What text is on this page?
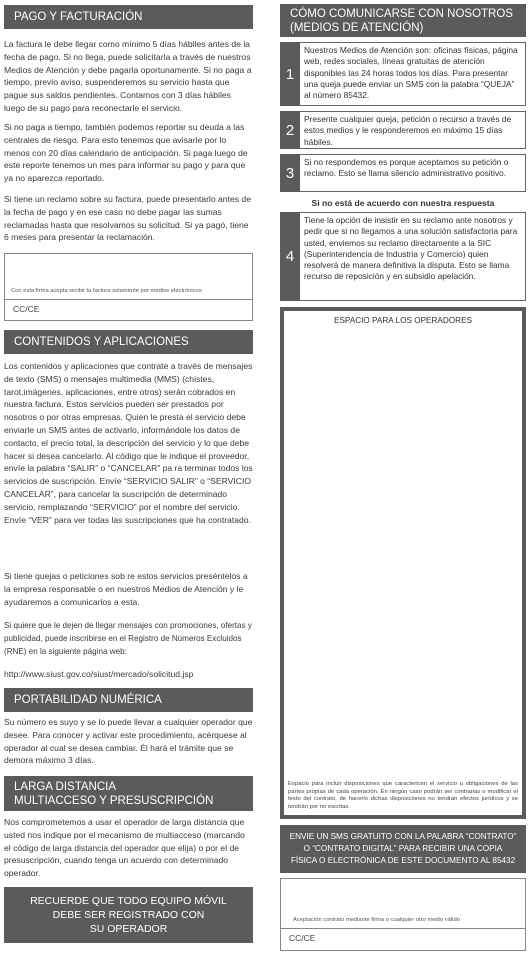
PAGO Y FACTURACIÓN
La factura le debe llegar como mínimo 5 días hábiles antes de la fecha de pago. Si no llega, puede solicitarla a través de nuestros Medios de Atención y debe pagarla oportunamente. Si no paga a tiempo, previo aviso, suspenderemos su servicio hasta que pague sus saldos pendientes. Contamos con 3 días hábiles luego de su pago para reconectarle el servicio.
Si no paga a tiempo, también podemos reportar su deuda a las centrales de riesgo. Para esto tenemos que avisarle por lo menos con 20 días calendario de anticipación. Si paga luego de este reporte tenemos un mes para informar su pago y para que ya no aparezca reportado.
Si tiene un reclamo sobre su factura, puede presentarlo antes de la fecha de pago y en ese caso no debe pagar las sumas reclamadas hasta que resolvamos su solicitud. Si ya pagó, tiene 6 meses para presentar la reclamación.
Con esta firma acepta recibir la factura solamente por medios electrónicos
CC/CE
CONTENIDOS Y APLICACIONES
Los contenidos y aplicaciones que contrate a través de mensajes de texto (SMS) o mensajes multimedia (MMS) (chistes, tarot,imágenes, aplicaciones, entre otros) serán cobrados en nuestra factura. Estos servicios pueden ser prestados por nosotros o por otras empresas. Quien le presta el servicio debe enviarle un SMS antes de activarlo, informándole los datos de contacto, el precio total, la descripción del servicio y lo que debe hacer si desea cancelarlo. Al código que le indique el proveedor, envíe la palabra “SALIR” o “CANCELAR” pa ra terminar todos los servicios de suscripción. Envíe “SERVICIO SALIR” o “SERVICIO CANCELAR”, para cancelar la suscripción de determinado servicio, remplazando “SERVICIO” por el nombre del servicio. Envíe “VER” para ver todas las suscripciones que ha contratado.
Si tiene quejas o peticiones sob re estos servicios preséntelos a la empresa responsable o en nuestros Medios de Atención y le ayudaremos a comunicarlos a esta.
Si quiere que le dejen de llegar mensajes con promociones, ofertas y publicidad, puede inscribirse en el Registro de Números Excluidos (RNE) en la siguiente página web:
http://www.siust.gov.co/siust/mercado/solicitud.jsp
PORTABILIDAD NUMÉRICA
Su número es suyo y se lo puede llevar a cualquier operador que desee. Para conocer y activar este procedimiento, acérquese al operador al cual se desea cambiar. Él hará el trámite que se demora máximo 3 días.
LARGA DISTANCIA
MULTIACCESO Y PRESUSCRIPCIÓN
Nos comprometemos a usar el operador de larga distancia que usted nos indique por el mecanismo de multiacceso (marcando el código de larga distancia del operador que elija) o por el de presuscripción, cuando tenga un acuerdo con determinado operador.
RECUERDE QUE TODO EQUIPO MÓVIL
DEBE SER REGISTRADO CON
SU OPERADOR
CÓMO COMUNICARSE CON NOSOTROS
(MEDIOS DE ATENCIÓN)
1
Nuestros Medios de Atención son: oficinas físicas, página web, redes sociales, líneas gratuitas de atención disponibles las 24 horas todos los días. Para presentar una queja puede enviar un SMS con la palabra “QUEJA” al número 85432.
2
Presente cualquier queja, petición o recurso a través de estos medios y le responderemos en máximo 15 días hábiles.
3
Si no respondemos es porque aceptamos su petición o reclamo. Esto se llama silencio administrativo positivo.
Si no está de acuerdo con nuestra respuesta
4
Tiene la opción de insistir en su reclamo ante nosotros y pedir que si no llegamos a una solución satisfactoria para usted, enviemos su reclamo directamente a la SIC (Superintendencia de Industria y Comercio) quien resolverá de manera definitiva la disputa. Esto se llama recurso de reposición y en subsidio apelación.
ESPACIO PARA LOS OPERADORES
Espacio para incluir disposiciones que caractericen el servicio u obligaciones de las partes propias de cada operación. En ningún caso podrán ser contrarias o modificar el texto del contrato, de hacerlo dichas disposiciones no tendrán efectos jurídicos y se tendrán por no escritas.
ENVIE UN SMS GRATUITO CON LA PALABRA “CONTRATO”
O “CONTRATO DIGITAL” PARA RECIBIR UNA COPIA
FÍSICA O ELECTRÓNICA DE ESTE DOCUMENTO AL 85432
Aceptación contrato mediante firma o cualquier otro medio válido
CC/CE
